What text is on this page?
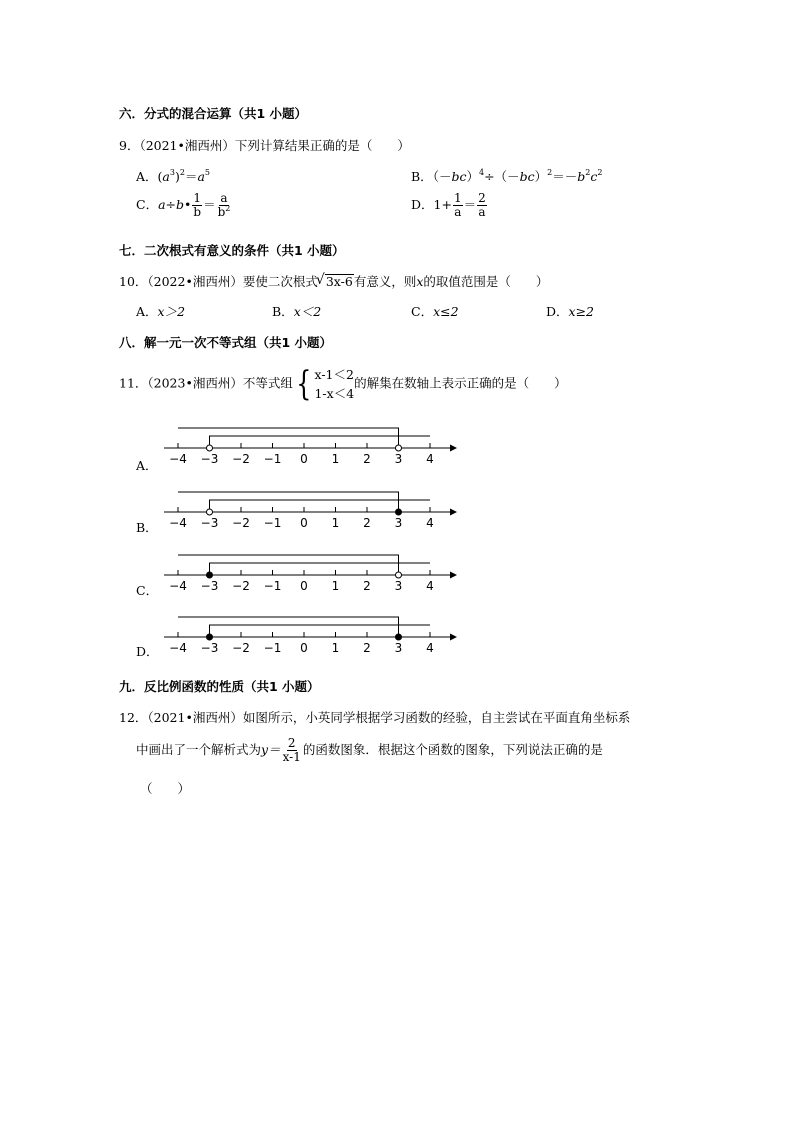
六．分式的混合运算（共1 小题）
9．（2021•湘西州）下列计算结果正确的是（　　）
A．$(a^3)^2=a^5$	B．$(-bc)^4\div(-bc)^2=-b^2c^2$
C．a÷b• $\frac{1}{b} = \frac{a}{b^2}$	D．$1+ \frac{1}{a} = \frac{2}{a}$
七．二次根式有意义的条件（共1 小题）
10．（2022•湘西州）要使二次根式√ 3x-6有意义，则x的取值范围是（　　）
A．x＞2	B．x＜2	C．x≤2	D．x≥2
八．解一元一次不等式组（共1 小题）
11．（2023•湘西州）不等式组 { x-1＜2
1-x＜4
的解集在数轴上表示正确的是（　　）
A．
B．
C．
D．
−4 −3 −2 −1 0 1 2 3 4
−4 −3 −2 −1 0 1 2 3 4
−4 −3 −2 −1 0 1 2 3 4
−4 −3 −2 −1 0 1 2 3 4
九．反比例函数的性质（共1 小题）
12．（2021•湘西州）如图所示，小英同学根据学习函数的经验，自主尝试在平面直角坐标系
中画出了一个解析式为$y= \frac{2}{x-1}$ 的函数图象．根据这个函数的图象，下列说法正确的是
（　　）
